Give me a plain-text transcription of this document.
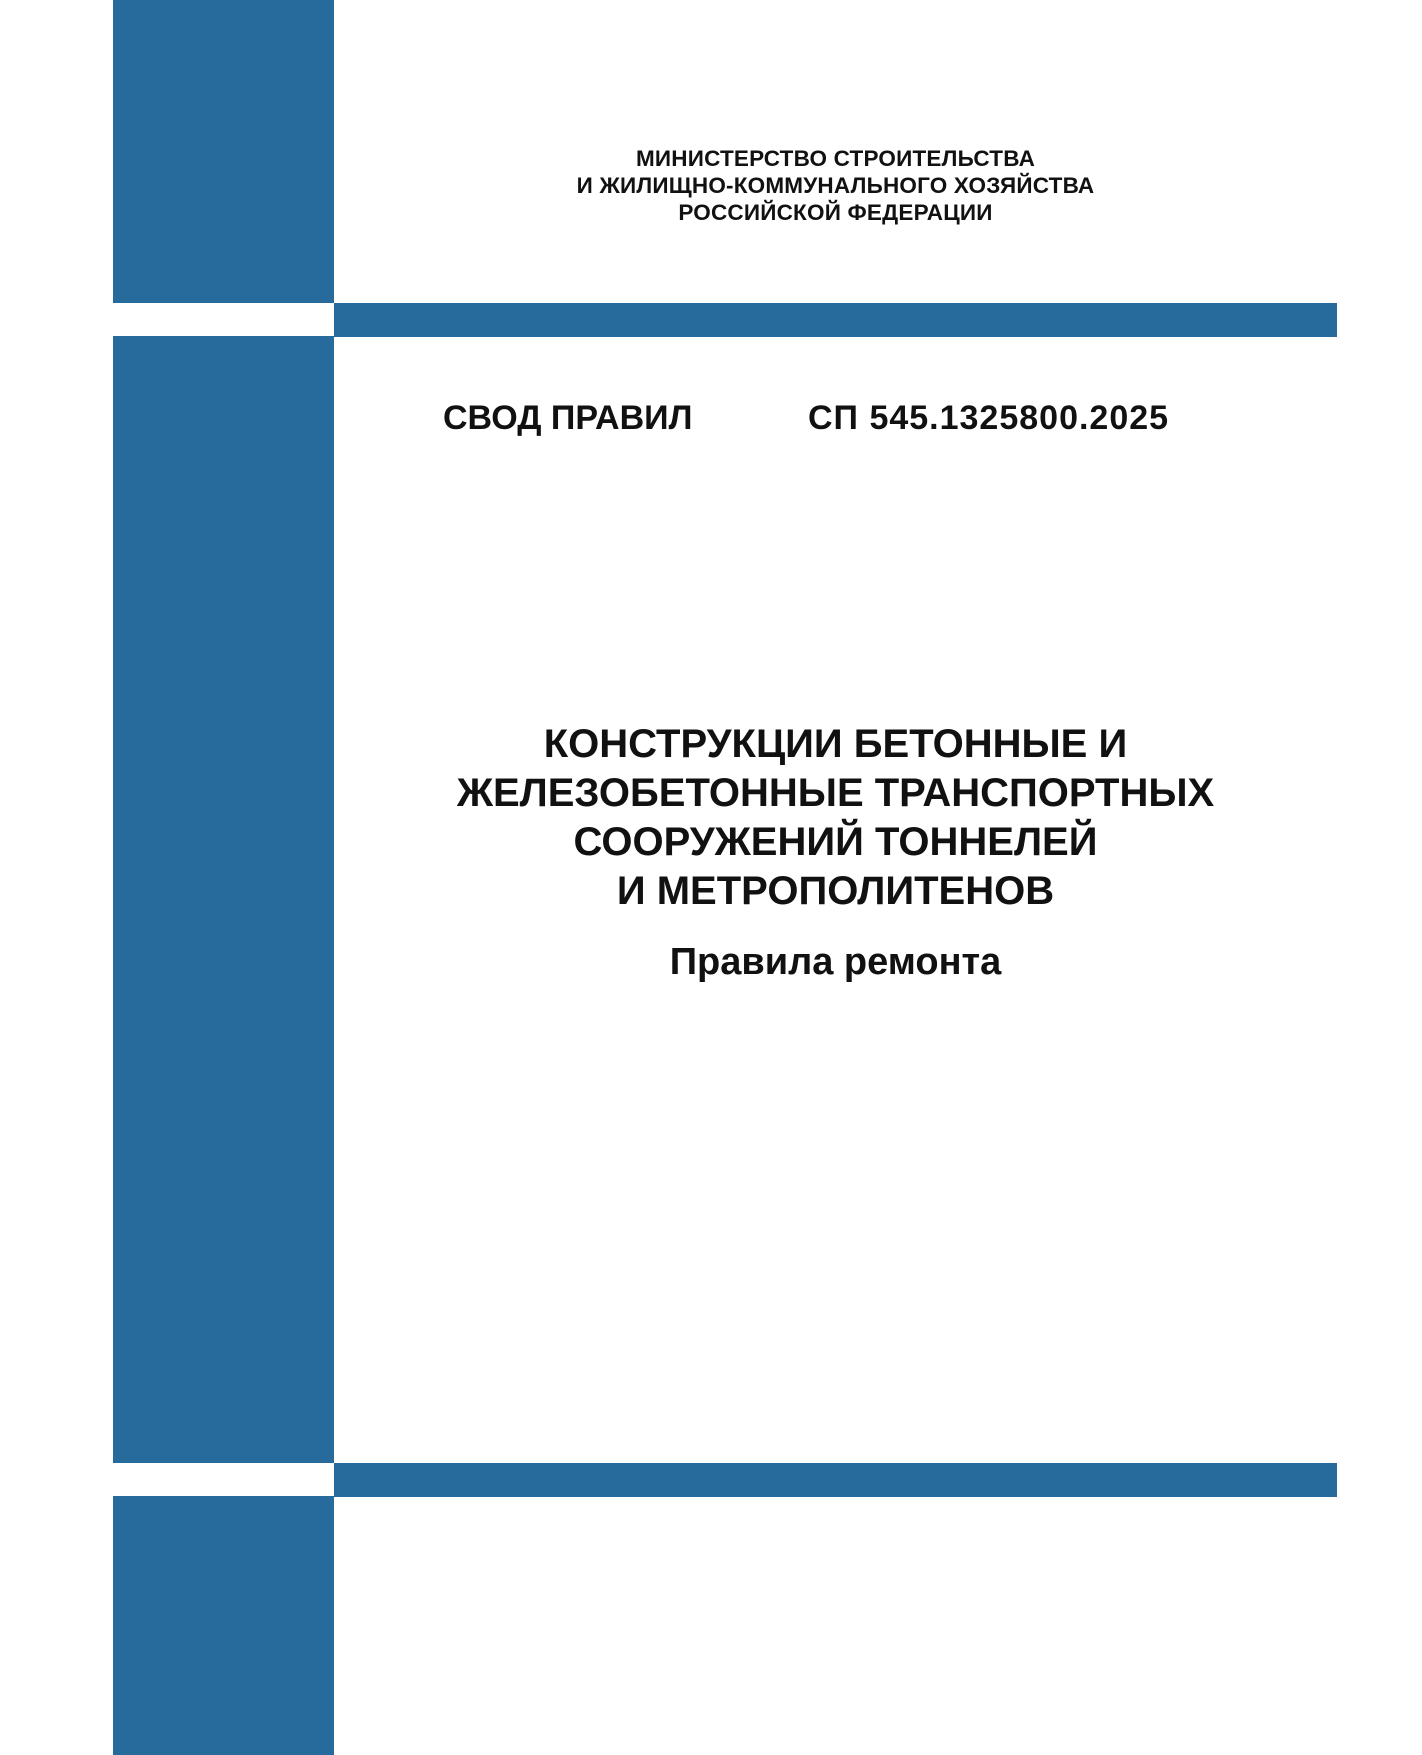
МИНИСТЕРСТВО СТРОИТЕЛЬСТВА
И ЖИЛИЩНО-КОММУНАЛЬНОГО ХОЗЯЙСТВА
РОССИЙСКОЙ ФЕДЕРАЦИИ
СВОД ПРАВИЛ	СП 545.1325800.2025
КОНСТРУКЦИИ БЕТОННЫЕ И
ЖЕЛЕЗОБЕТОННЫЕ ТРАНСПОРТНЫХ
СООРУЖЕНИЙ ТОННЕЛЕЙ
И МЕТРОПОЛИТЕНОВ
Правила ремонта
